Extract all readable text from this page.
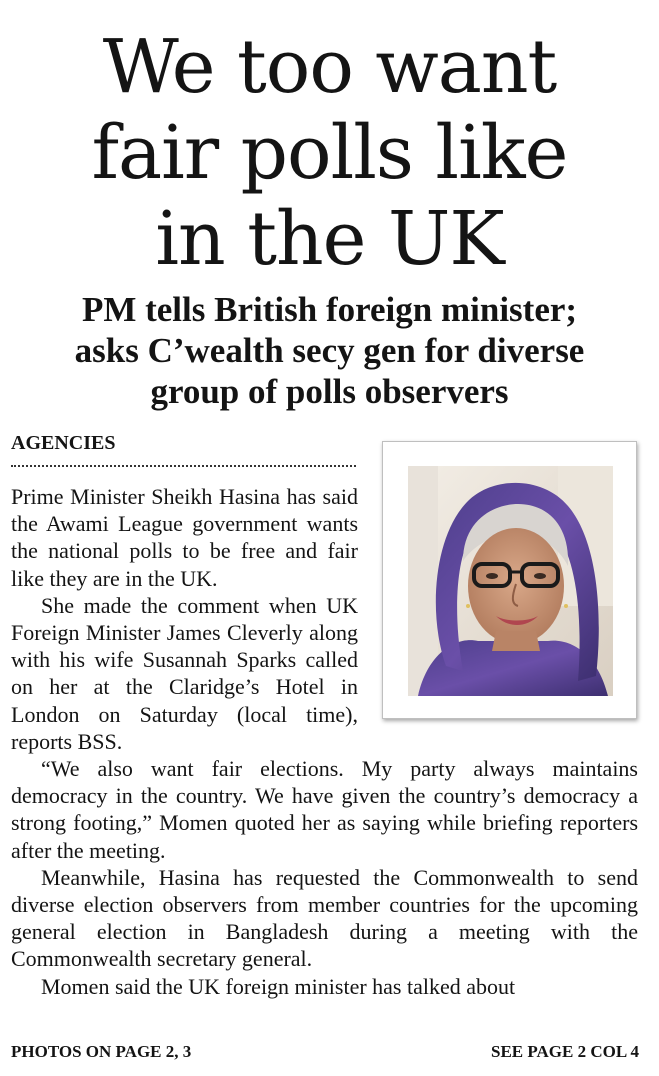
We too want
fair polls like
in the UK
PM tells British foreign minister;
asks C’wealth secy gen for diverse
group of polls observers
AGENCIES

Prime Minister Sheikh Hasina has said the Awami League government wants the national polls to be free and fair like they are in the UK.

She made the comment when UK Foreign Minister James Cleverly along with his wife Susannah Sparks called on her at the Claridge’s Hotel in London on Saturday (local time), reports BSS.

“We also want fair elections. My party always maintains democracy in the country. We have given the country’s democracy a strong footing,” Momen quoted her as saying while briefing reporters after the meeting.

Meanwhile, Hasina has requested the Commonwealth to send diverse election observers from member countries for the upcoming general election in Bangladesh during a meeting with the Commonwealth secretary general.

Momen said the UK foreign minister has talked about

PHOTOS ON PAGE 2, 3	SEE PAGE 2 COL 4
